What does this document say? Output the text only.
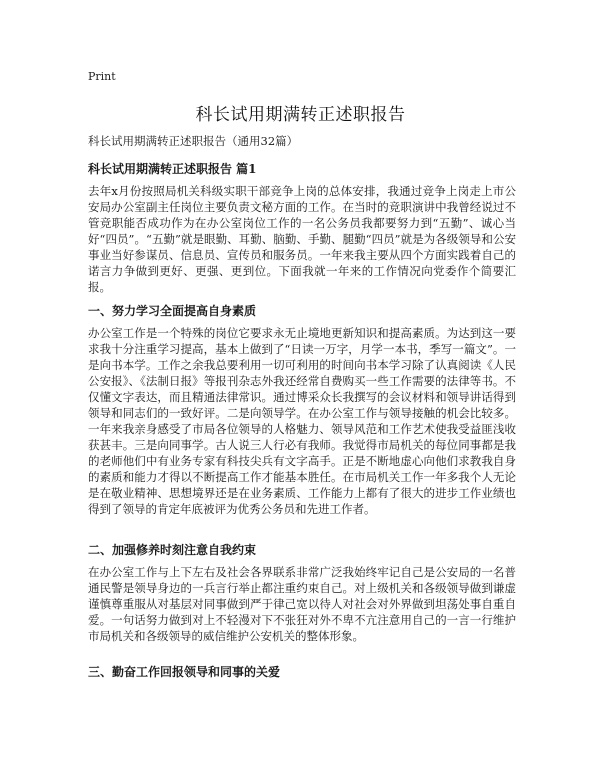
Print
科长试用期满转正述职报告
科长试用期满转正述职报告（通用32篇）
科长试用期满转正述职报告 篇1

去年x月份按照局机关科级实职干部竞争上岗的总体安排，我通过竞争上岗走上市公安局办公室副主任岗位主要负责文秘方面的工作。在当时的竞职演讲中我曾经说过不管竞职能否成功作为在办公室岗位工作的一名公务员我都要努力到“五勤”、诚心当好“四员”。“五勤”就是眼勤、耳勤、脑勤、手勤、腿勤“四员”就是为各级领导和公安事业当好参谋员、信息员、宣传员和服务员。一年来我主要从四个方面实践着自己的诺言力争做到更好、更强、更到位。下面我就一年来的工作情况向党委作个简要汇报。

一、努力学习全面提高自身素质

办公室工作是一个特殊的岗位它要求永无止境地更新知识和提高素质。为达到这一要求我十分注重学习提高，基本上做到了“日读一万字，月学一本书，季写一篇文”。一是向书本学。工作之余我总要利用一切可利用的时间向书本学习除了认真阅读《人民公安报》、《法制日报》等报刊杂志外我还经常自费购买一些工作需要的法律等书。不仅懂文字表达，而且精通法律常识。通过博采众长我撰写的会议材料和领导讲话得到领导和同志们的一致好评。二是向领导学。在办公室工作与领导接触的机会比较多。一年来我亲身感受了市局各位领导的人格魅力、领导风范和工作艺术使我受益匪浅收获甚丰。三是向同事学。古人说三人行必有我师。我觉得市局机关的每位同事都是我的老师他们中有业务专家有科技尖兵有文字高手。正是不断地虚心向他们求教我自身的素质和能力才得以不断提高工作才能基本胜任。在市局机关工作一年多我个人无论是在敬业精神、思想境界还是在业务素质、工作能力上都有了很大的进步工作业绩也得到了领导的肯定年底被评为优秀公务员和先进工作者。

二、加强修养时刻注意自我约束

在办公室工作与上下左右及社会各界联系非常广泛我始终牢记自己是公安局的一名普通民警是领导身边的一兵言行举止都注重约束自己。对上级机关和各级领导做到谦虚谨慎尊重服从对基层对同事做到严于律己宽以待人对社会对外界做到坦荡处事自重自爱。一句话努力做到对上不轻漫对下不张狂对外不卑不亢注意用自己的一言一行维护市局机关和各级领导的威信维护公安机关的整体形象。

三、勤奋工作回报领导和同事的关爱
